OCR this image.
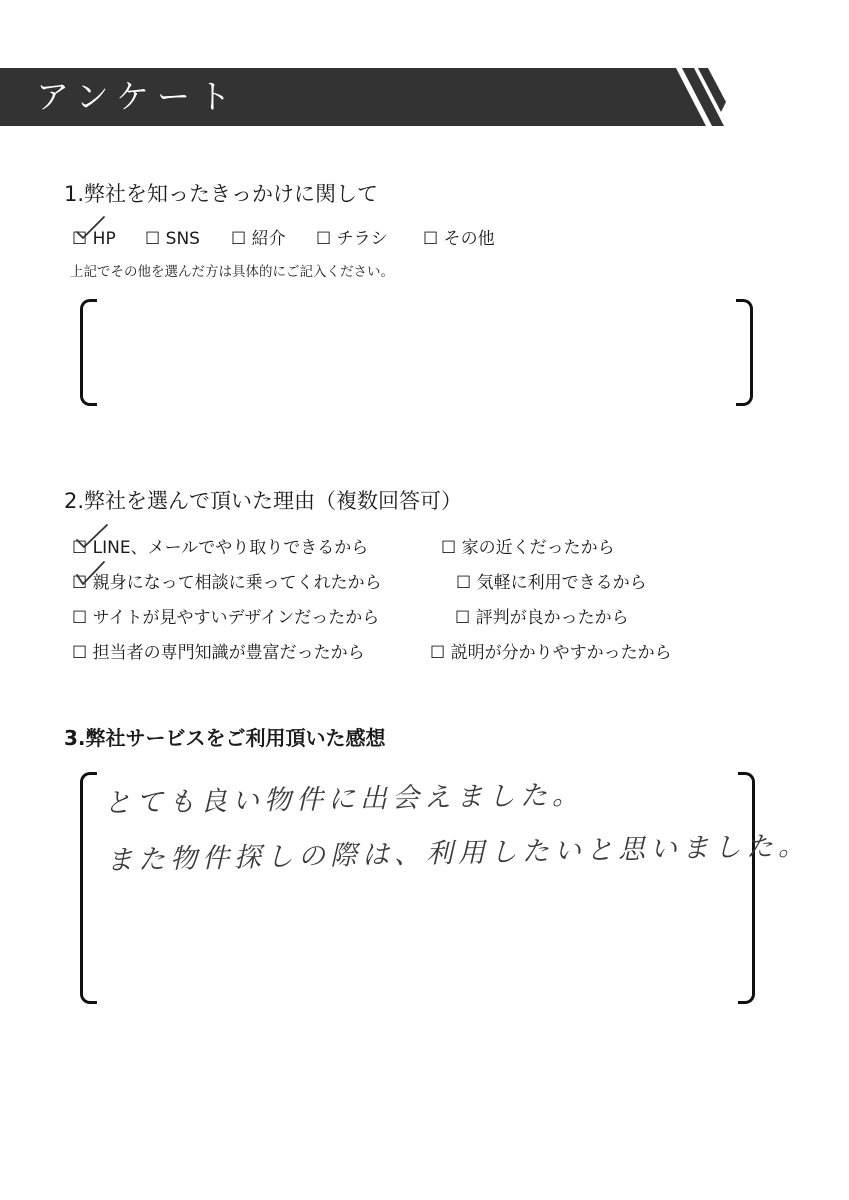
アンケート
1.弊社を知ったきっかけに関して
☐ HP ☐ SNS ☐ 紹介 ☐ チラシ ☐ その他
上記でその他を選んだ方は具体的にご記入ください。
2.弊社を選んで頂いた理由（複数回答可）
☐ LINE、メールでやり取りできるから	☐ 家の近くだったから
☐ 親身になって相談に乗ってくれたから	☐ 気軽に利用できるから
☐ サイトが見やすいデザインだったから	☐ 評判が良かったから
☐ 担当者の専門知識が豊富だったから	☐ 説明が分かりやすかったから
3.弊社サービスをご利用頂いた感想
とても良い物件に出会えました。
また物件探しの際は、利用したいと思いました。
